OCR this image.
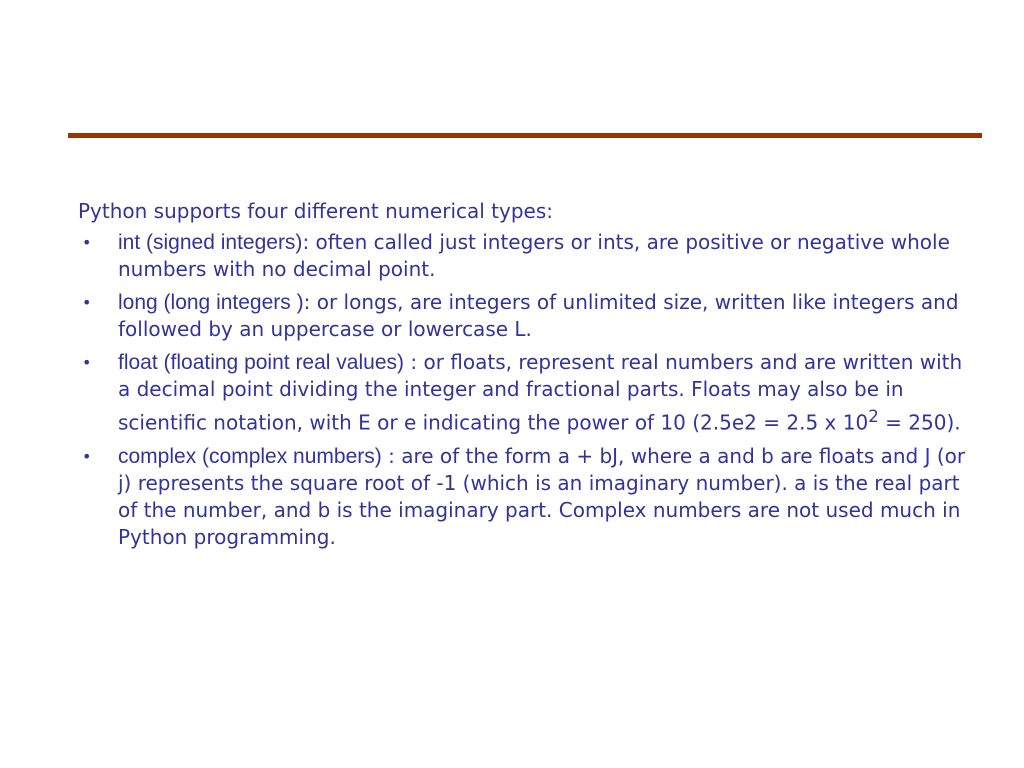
Python supports four different numerical types:

• int (signed integers): often called just integers or ints, are positive or negative whole numbers with no decimal point.
• long (long integers ): or longs, are integers of unlimited size, written like integers and followed by an uppercase or lowercase L.
• float (floating point real values) : or floats, represent real numbers and are written with a decimal point dividing the integer and fractional parts. Floats may also be in scientific notation, with E or e indicating the power of 10 (2.5e2 = 2.5 x $10^2 = 250$).
• complex (complex numbers) : are of the form a + bJ, where a and b are floats and J (or j) represents the square root of -1 (which is an imaginary number). a is the real part of the number, and b is the imaginary part. Complex numbers are not used much in Python programming.
